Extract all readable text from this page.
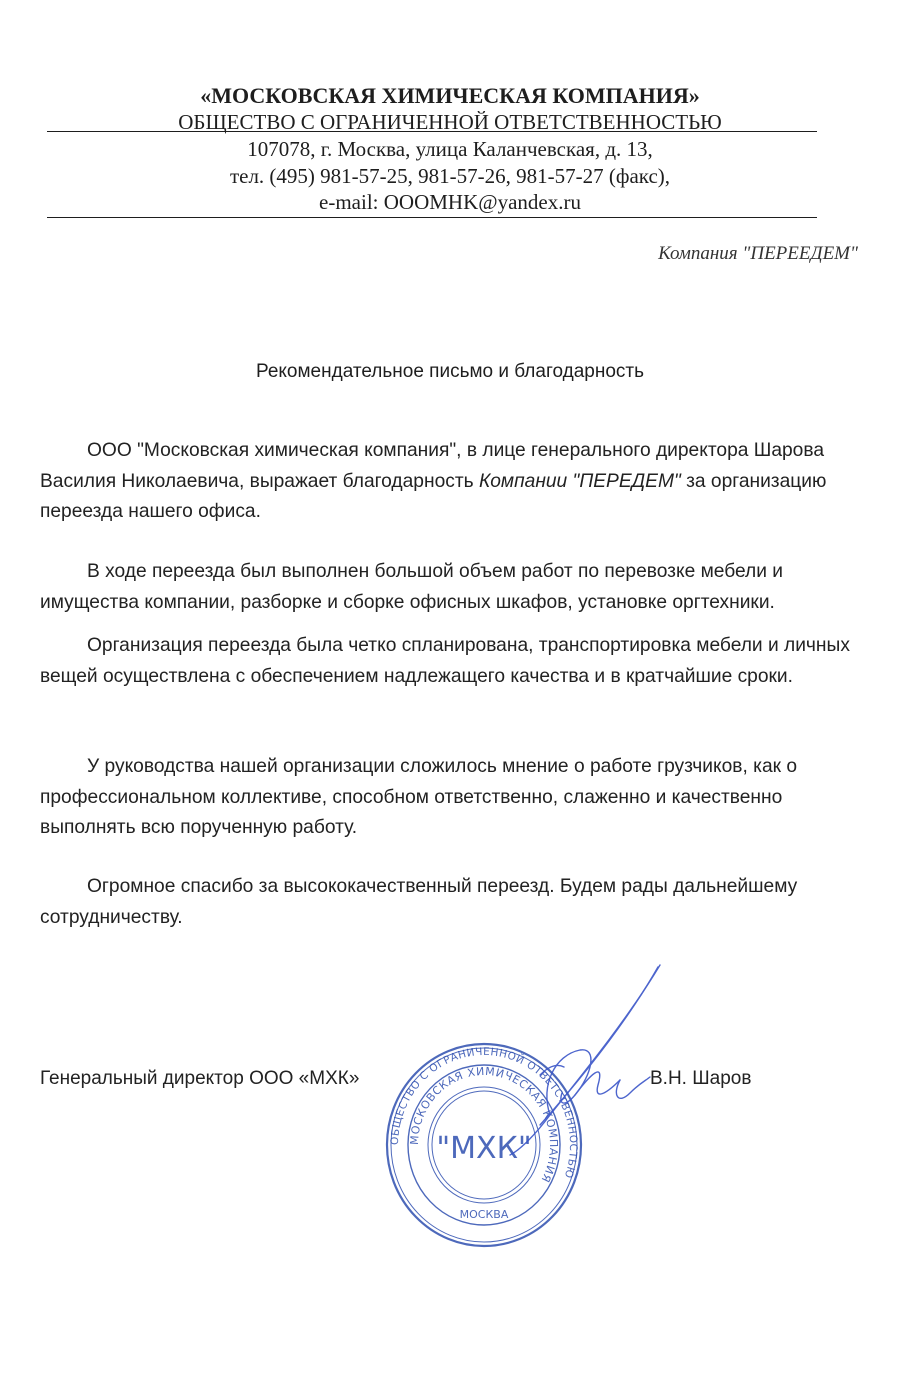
«МОСКОВСКАЯ ХИМИЧЕСКАЯ КОМПАНИЯ»
ОБЩЕСТВО С ОГРАНИЧЕННОЙ ОТВЕТСТВЕННОСТЬЮ
107078, г. Москва, улица Каланчевская, д. 13,
тел. (495) 981-57-25, 981-57-26, 981-57-27 (факс),
e-mail: OOOMHK@yandex.ru
Компания "ПЕРЕЕДЕМ"
Рекомендательное письмо и благодарность

ООО "Московская химическая компания", в лице генерального директора Шарова Василия Николаевича, выражает благодарность Компании "ПЕРЕДЕМ" за организацию переезда нашего офиса.

В ходе переезда был выполнен большой объем работ по перевозке мебели и имущества компании, разборке и сборке офисных шкафов, установке оргтехники.

Организация переезда была четко спланирована, транспортировка мебели и личных вещей осуществлена с обеспечением надлежащего качества и в кратчайшие сроки.

У руководства нашей организации сложилось мнение о работе грузчиков, как о профессиональном коллективе, способном ответственно, слаженно и качественно выполнять всю порученную работу.

Огромное спасибо за высококачественный переезд. Будем рады дальнейшему сотрудничеству.

Генеральный директор ООО «МХК»	В.Н. Шаров
ОБЩЕСТВО С ОГРАНИЧЕННОЙ ОТВЕТСТВЕННОСТЬЮ
МОСКОВСКАЯ ХИМИЧЕСКАЯ КОМПАНИЯ
"МХК"
МОСКВА
